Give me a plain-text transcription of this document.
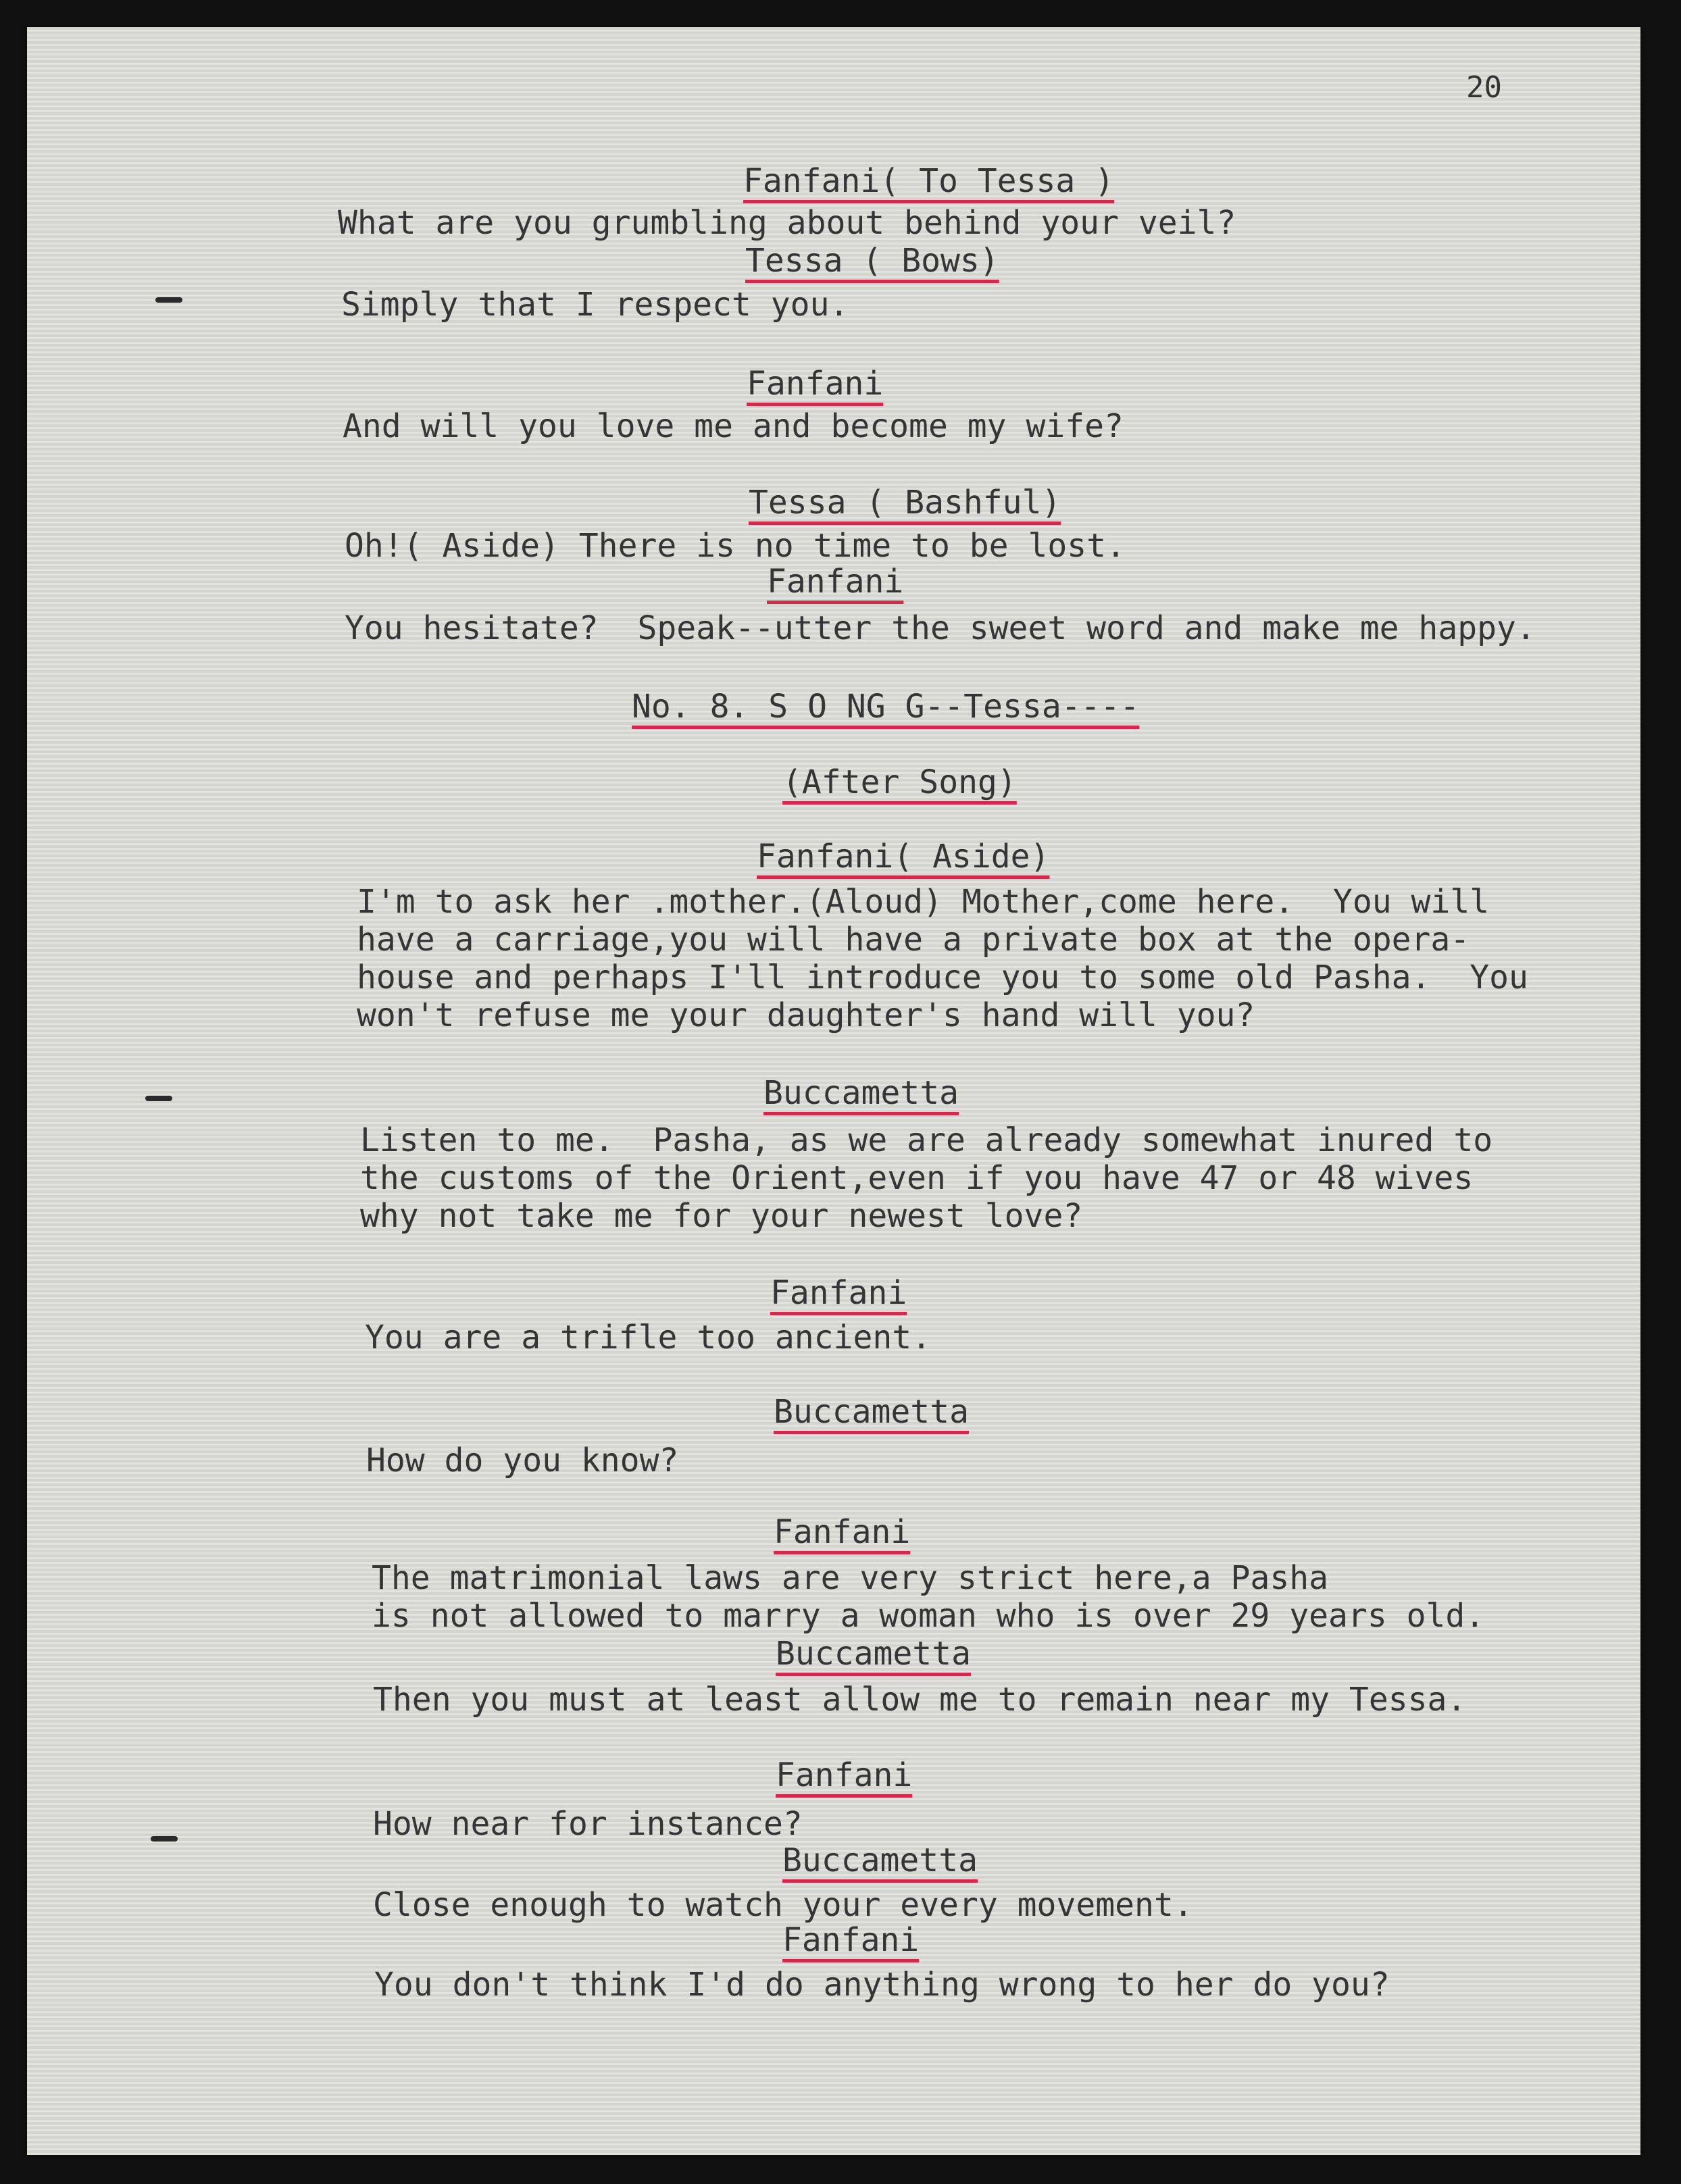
20
Fanfani( To Tessa )
What are you grumbling about behind your veil?
Tessa ( Bows)
Simply that I respect you.
Fanfani
And will you love me and become my wife?
Tessa ( Bashful)
Oh!( Aside) There is no time to be lost.
Fanfani
You hesitate?  Speak--utter the sweet word and make me happy.
No. 8. S O NG G--Tessa----
(After Song)
Fanfani( Aside)
I'm to ask her .mother.(Aloud) Mother,come here.  You will
have a carriage,you will have a private box at the opera-
house and perhaps I'll introduce you to some old Pasha.  You
won't refuse me your daughter's hand will you?
Buccametta
Listen to me.  Pasha, as we are already somewhat inured to
the customs of the Orient,even if you have 47 or 48 wives
why not take me for your newest love?
Fanfani
You are a trifle too ancient.
Buccametta
How do you know?
Fanfani
The matrimonial laws are very strict here,a Pasha
is not allowed to marry a woman who is over 29 years old.
Buccametta
Then you must at least allow me to remain near my Tessa.
Fanfani
How near for instance?
Buccametta
Close enough to watch your every movement.
Fanfani
You don't think I'd do anything wrong to her do you?
